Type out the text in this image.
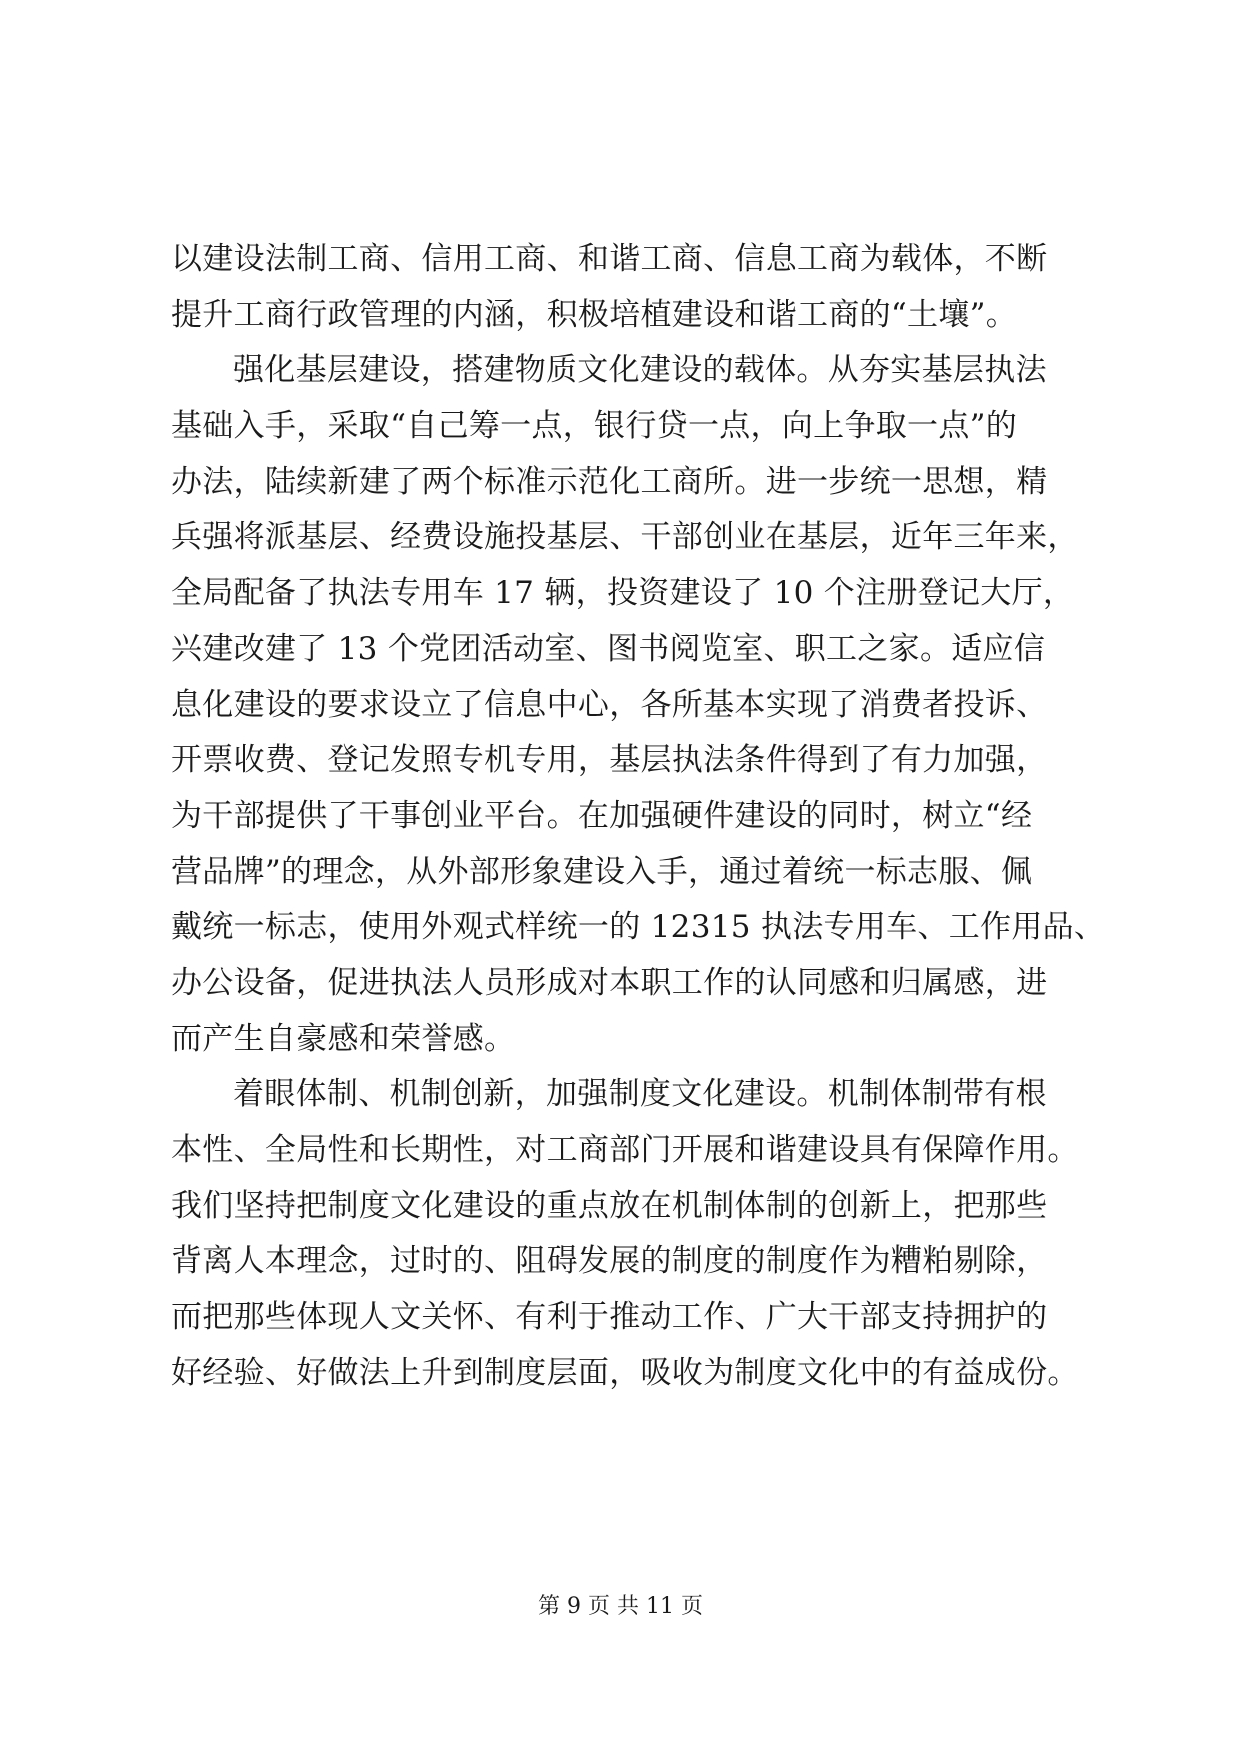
以建设法制工商、信用工商、和谐工商、信息工商为载体，不断
提升工商行政管理的内涵，积极培植建设和谐工商的“土壤”。
强化基层建设，搭建物质文化建设的载体。从夯实基层执法
基础入手，采取“自己筹一点，银行贷一点，向上争取一点”的
办法，陆续新建了两个标准示范化工商所。进一步统一思想，精
兵强将派基层、经费设施投基层、干部创业在基层，近年三年来，
全局配备了执法专用车 17 辆，投资建设了 10 个注册登记大厅，
兴建改建了 13 个党团活动室、图书阅览室、职工之家。适应信
息化建设的要求设立了信息中心，各所基本实现了消费者投诉、
开票收费、登记发照专机专用，基层执法条件得到了有力加强，
为干部提供了干事创业平台。在加强硬件建设的同时，树立“经
营品牌”的理念，从外部形象建设入手，通过着统一标志服、佩
戴统一标志，使用外观式样统一的 12315 执法专用车、工作用品、
办公设备，促进执法人员形成对本职工作的认同感和归属感，进
而产生自豪感和荣誉感。
着眼体制、机制创新，加强制度文化建设。机制体制带有根
本性、全局性和长期性，对工商部门开展和谐建设具有保障作用。
我们坚持把制度文化建设的重点放在机制体制的创新上，把那些
背离人本理念，过时的、阻碍发展的制度的制度作为糟粕剔除，
而把那些体现人文关怀、有利于推动工作、广大干部支持拥护的
好经验、好做法上升到制度层面，吸收为制度文化中的有益成份。
第 9 页 共 11 页
